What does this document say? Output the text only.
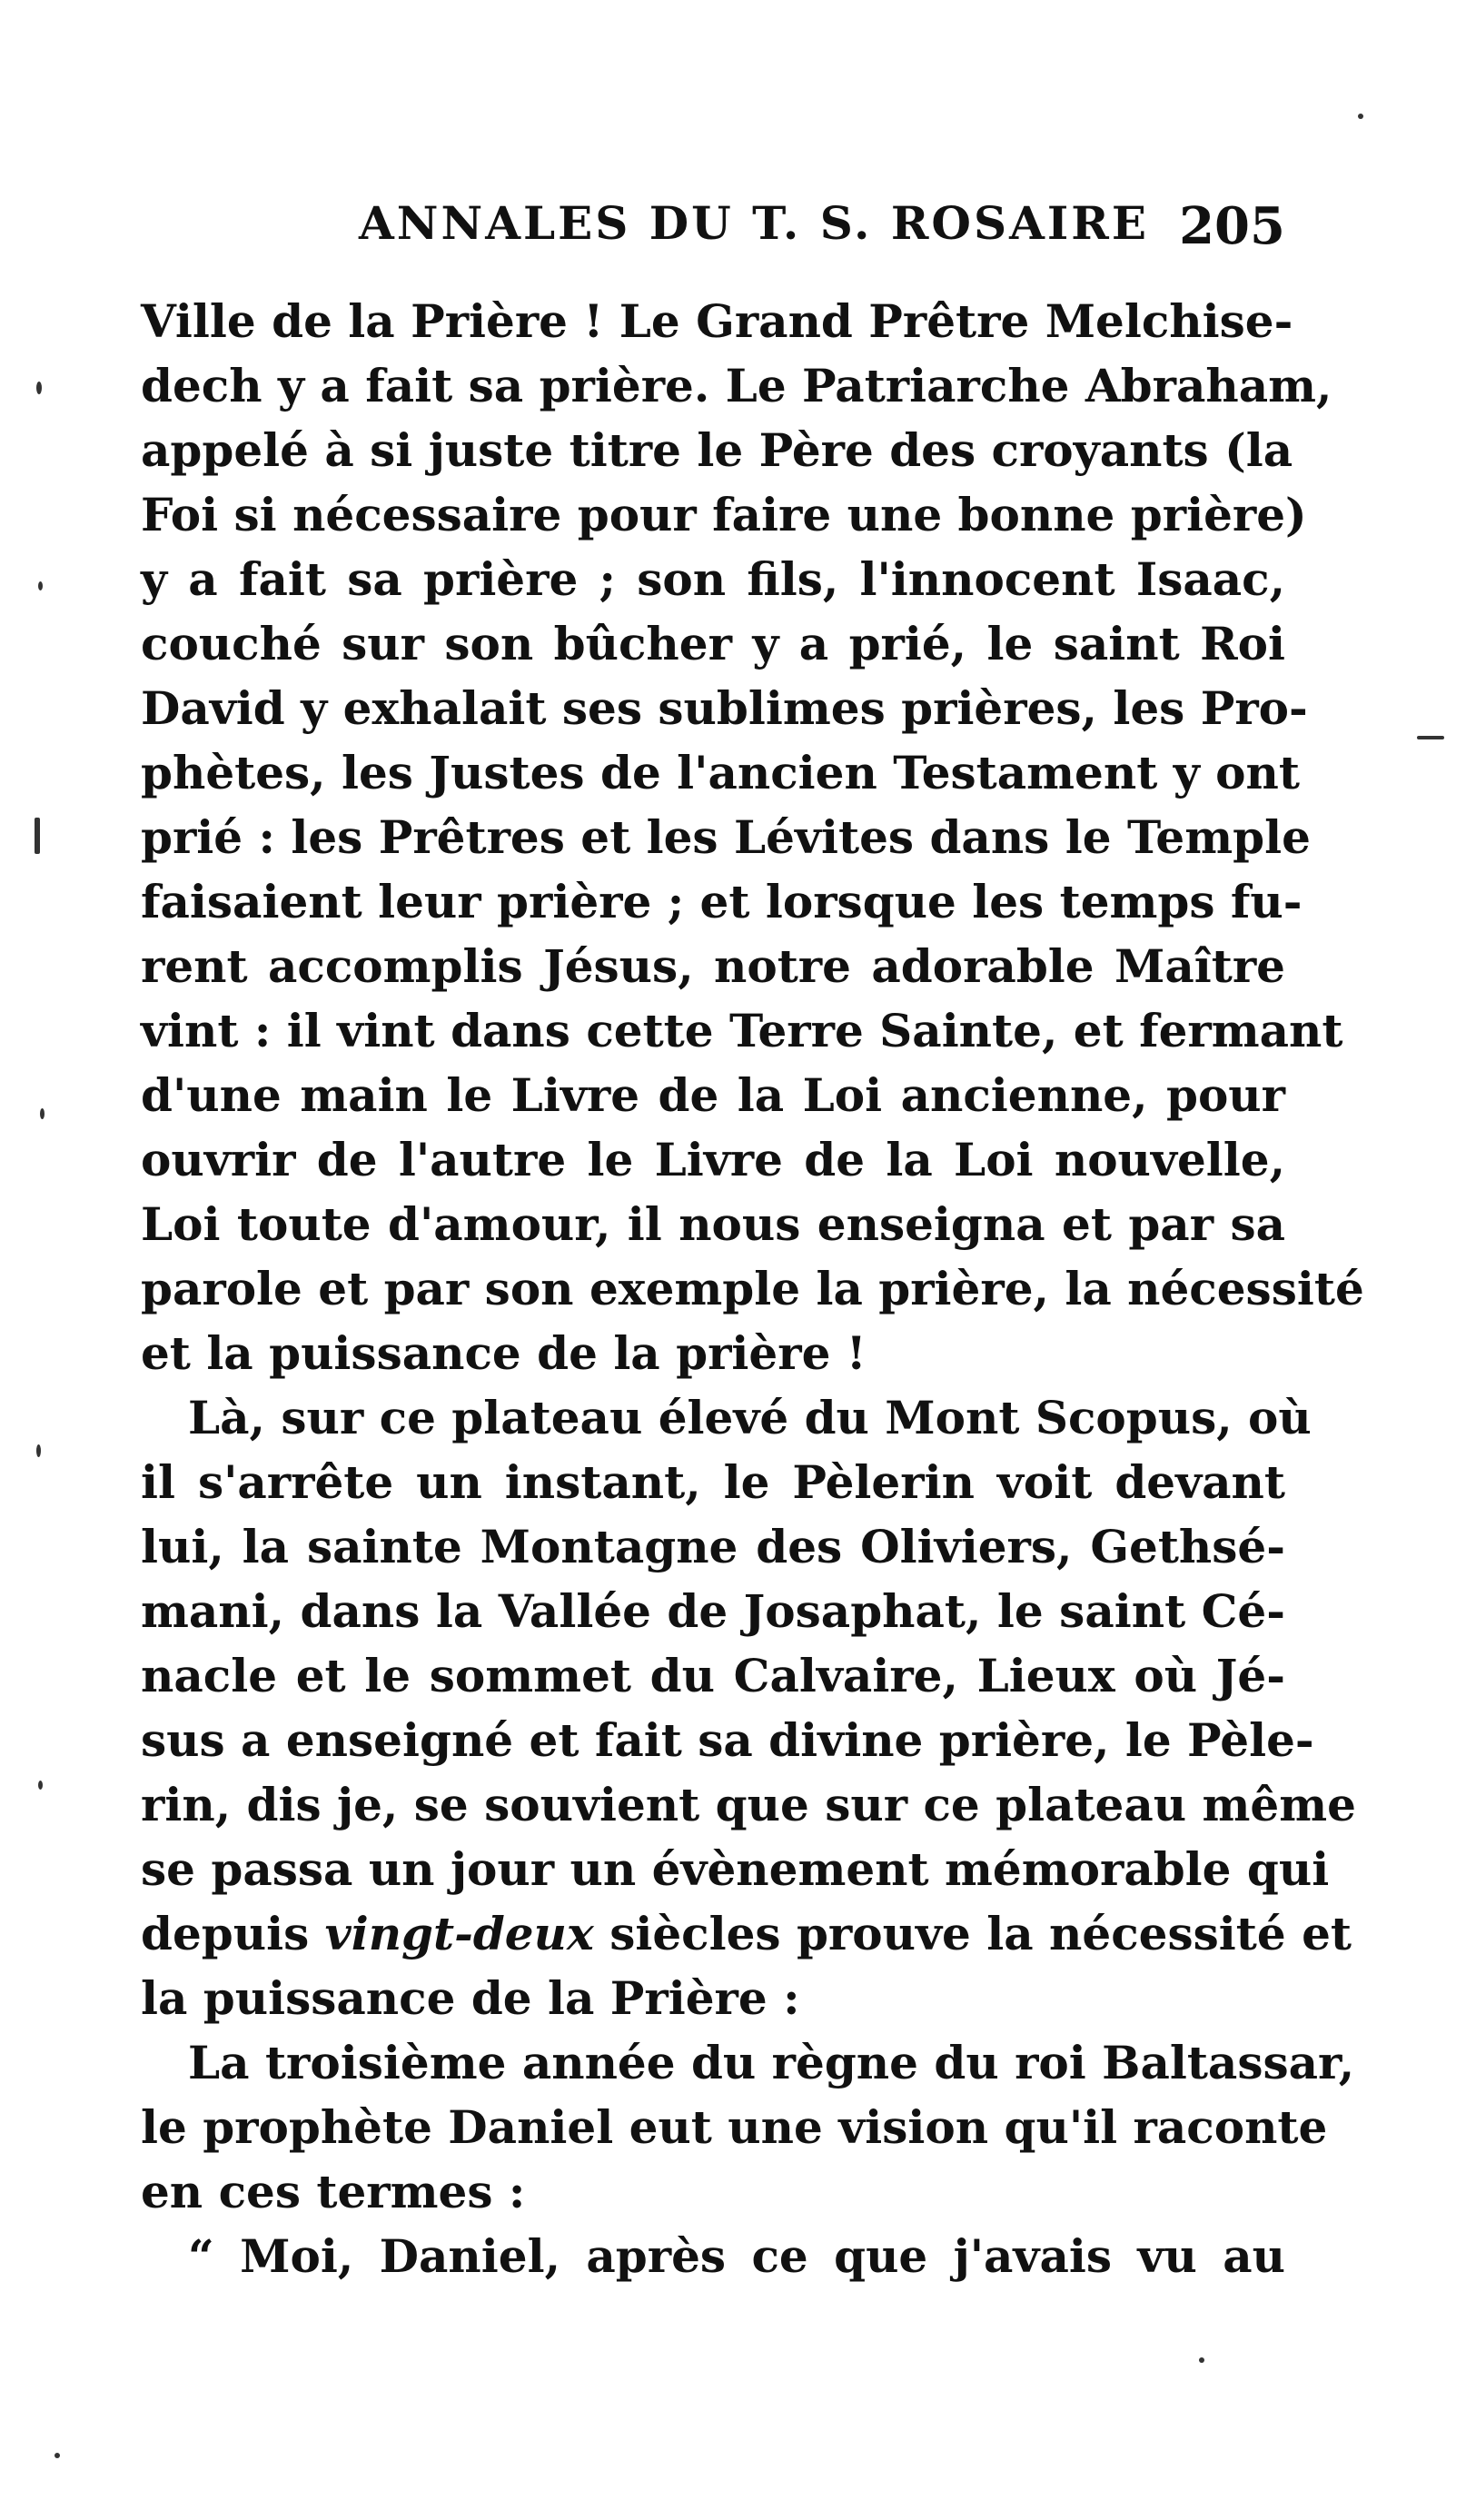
ANNALES DU T. S. ROSAIRE 205
Ville de la Prière ! Le Grand Prêtre Melchise-
dech y a fait sa prière. Le Patriarche Abraham,
appelé à si juste titre le Père des croyants (la
Foi si nécessaire pour faire une bonne prière)
y a fait sa prière ; son fils, l'innocent Isaac,
couché sur son bûcher y a prié, le saint Roi
David y exhalait ses sublimes prières, les Pro-
phètes, les Justes de l'ancien Testament y ont
prié : les Prêtres et les Lévites dans le Temple
faisaient leur prière ; et lorsque les temps fu-
rent accomplis Jésus, notre adorable Maître
vint : il vint dans cette Terre Sainte, et fermant
d'une main le Livre de la Loi ancienne, pour
ouvrir de l'autre le Livre de la Loi nouvelle,
Loi toute d'amour, il nous enseigna et par sa
parole et par son exemple la prière, la nécessité
et la puissance de la prière !
Là, sur ce plateau élevé du Mont Scopus, où
il s'arrête un instant, le Pèlerin voit devant
lui, la sainte Montagne des Oliviers, Gethsé-
mani, dans la Vallée de Josaphat, le saint Cé-
nacle et le sommet du Calvaire, Lieux où Jé-
sus a enseigné et fait sa divine prière, le Pèle-
rin, dis je, se souvient que sur ce plateau même
se passa un jour un évènement mémorable qui
depuis vingt-deux siècles prouve la nécessité et
la puissance de la Prière :
La troisième année du règne du roi Baltassar,
le prophète Daniel eut une vision qu'il raconte
en ces termes :
“ Moi, Daniel, après ce que j'avais vu au
